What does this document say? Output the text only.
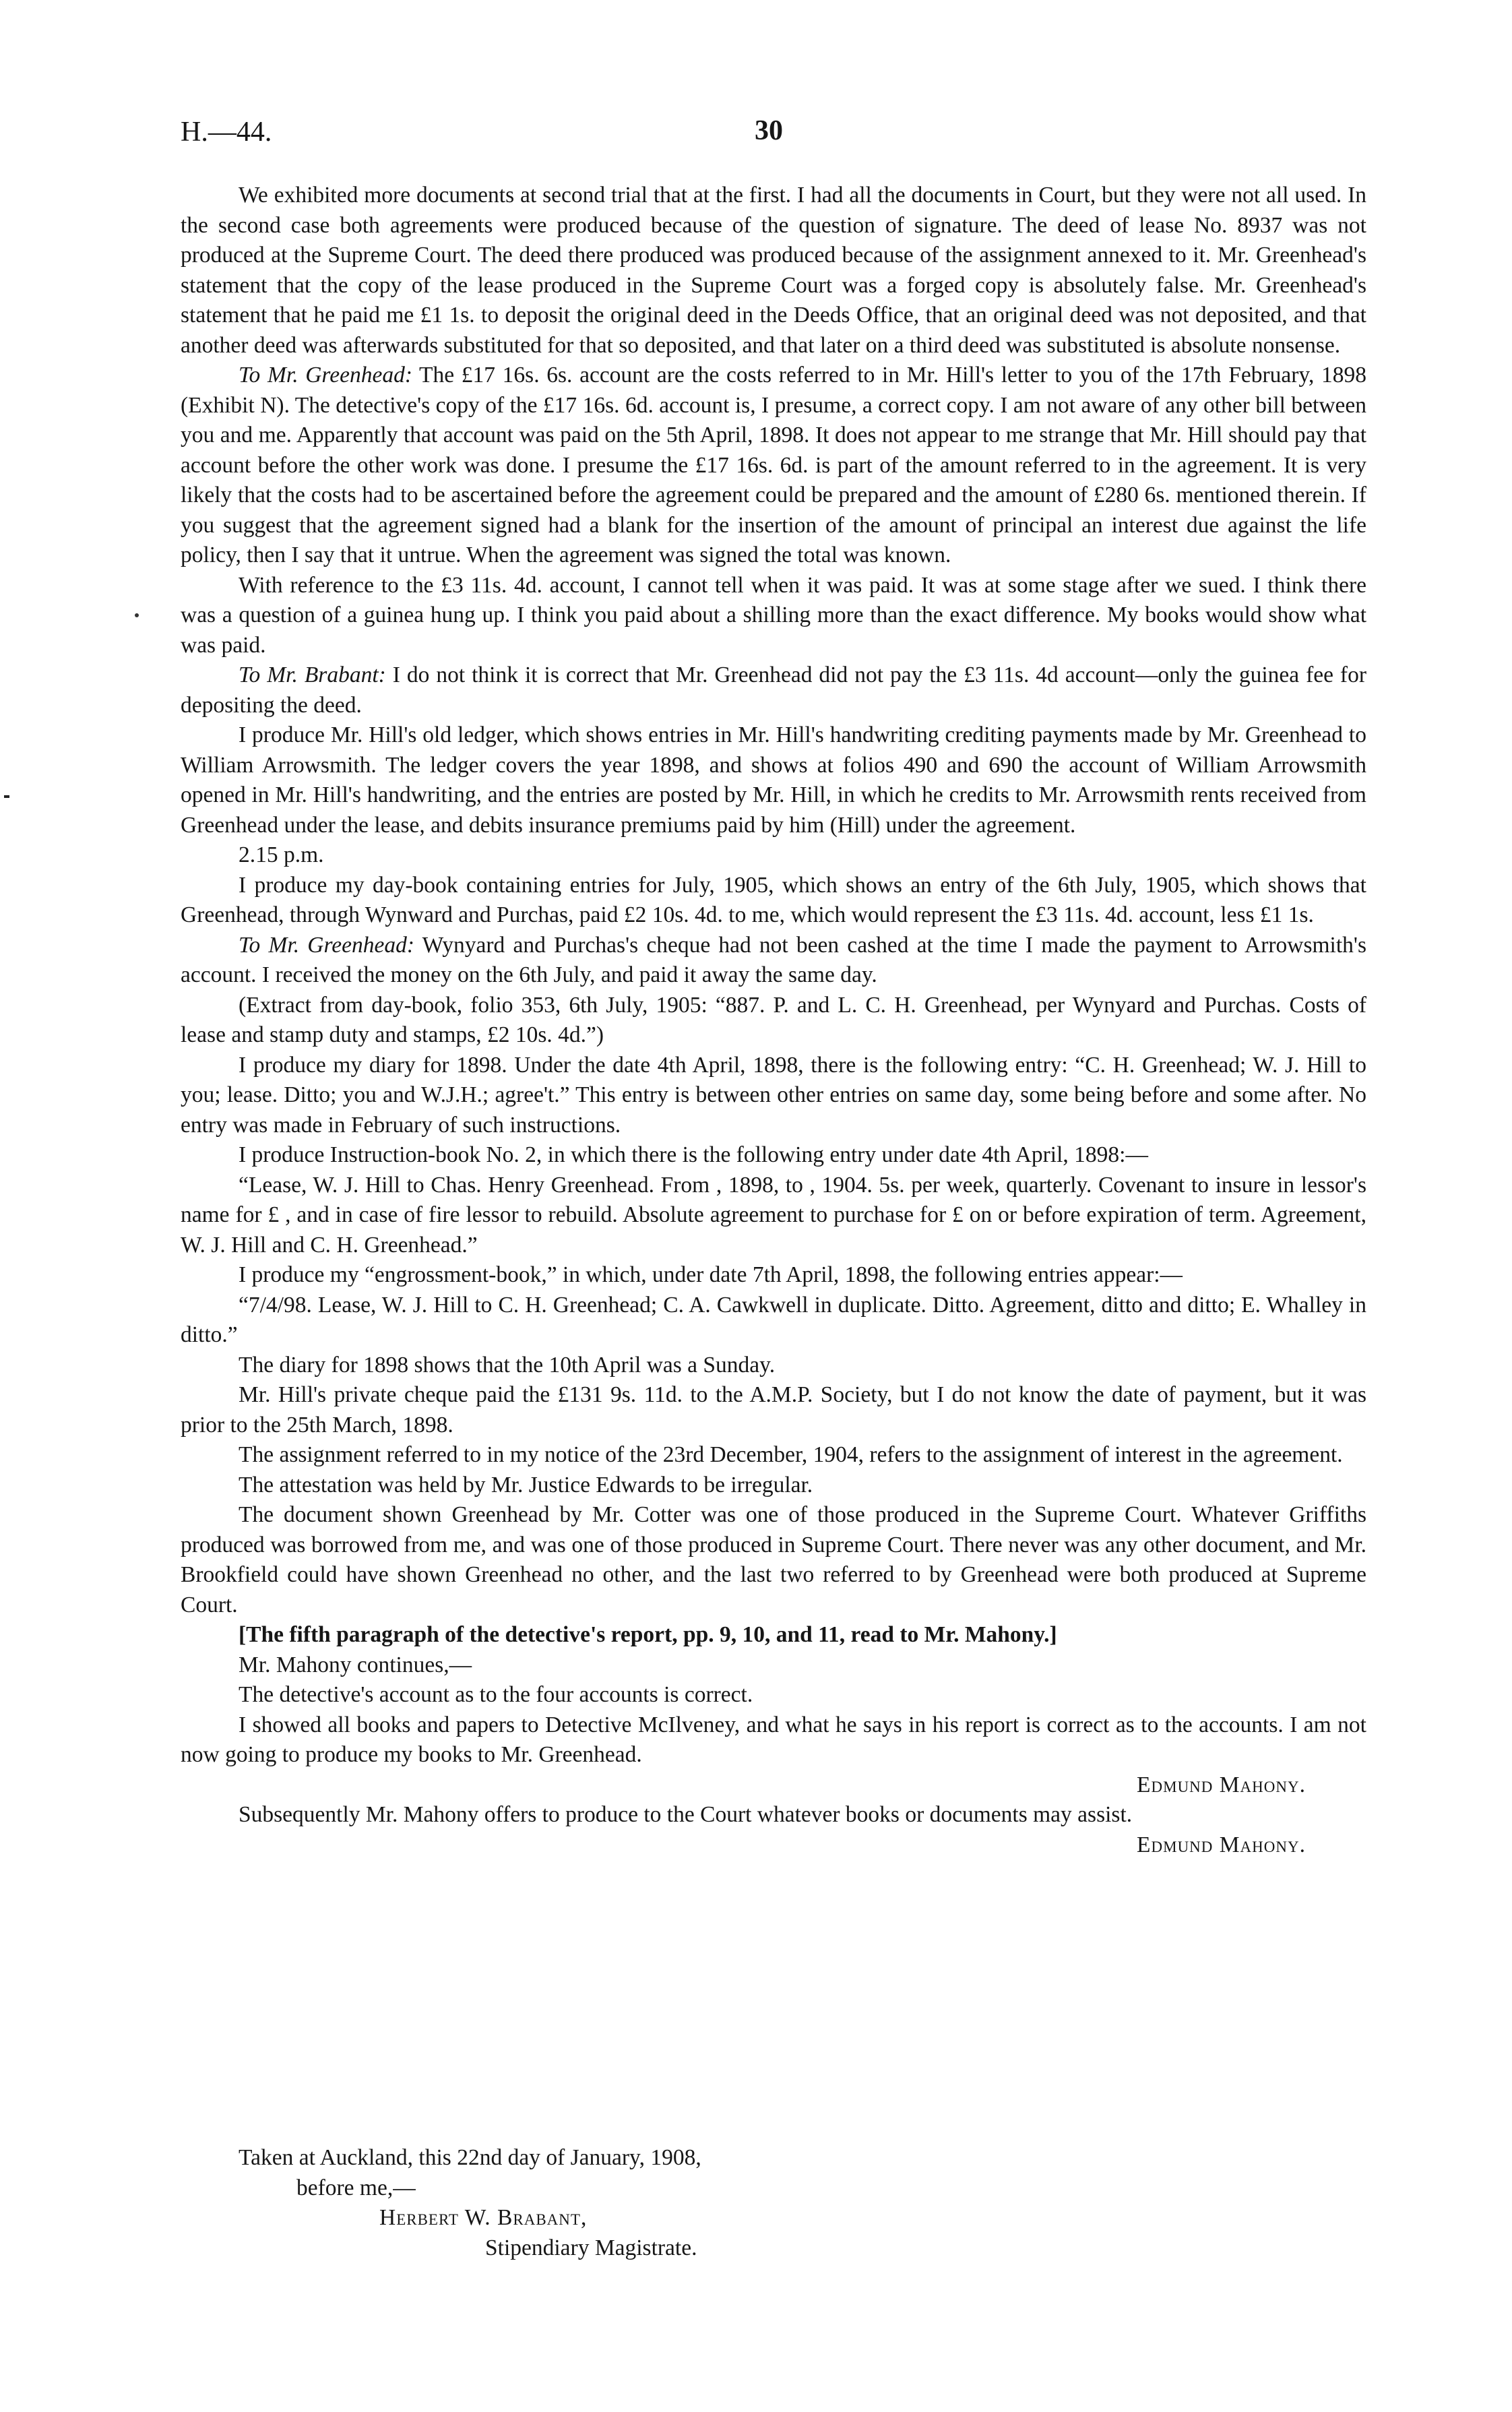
H.—44.	30

We exhibited more documents at second trial that at the first. I had all the documents in Court, but they were not all used. In the second case both agreements were produced because of the question of signature. The deed of lease No. 8937 was not produced at the Supreme Court. The deed there produced was produced because of the assignment annexed to it. Mr. Greenhead's statement that the copy of the lease produced in the Supreme Court was a forged copy is absolutely false. Mr. Greenhead's statement that he paid me £1 1s. to deposit the original deed in the Deeds Office, that an original deed was not deposited, and that another deed was afterwards substituted for that so deposited, and that later on a third deed was substituted is absolute nonsense.

To Mr. Greenhead: The £17 16s. 6s. account are the costs referred to in Mr. Hill's letter to you of the 17th February, 1898 (Exhibit N). The detective's copy of the £17 16s. 6d. account is, I presume, a correct copy. I am not aware of any other bill between you and me. Apparently that account was paid on the 5th April, 1898. It does not appear to me strange that Mr. Hill should pay that account before the other work was done. I presume the £17 16s. 6d. is part of the amount referred to in the agreement. It is very likely that the costs had to be ascertained before the agreement could be prepared and the amount of £280 6s. mentioned therein. If you suggest that the agreement signed had a blank for the insertion of the amount of principal an interest due against the life policy, then I say that it untrue. When the agreement was signed the total was known.

With reference to the £3 11s. 4d. account, I cannot tell when it was paid. It was at some stage after we sued. I think there was a question of a guinea hung up. I think you paid about a shilling more than the exact difference. My books would show what was paid.

To Mr. Brabant: I do not think it is correct that Mr. Greenhead did not pay the £3 11s. 4d account—only the guinea fee for depositing the deed.

I produce Mr. Hill's old ledger, which shows entries in Mr. Hill's handwriting crediting payments made by Mr. Greenhead to William Arrowsmith. The ledger covers the year 1898, and shows at folios 490 and 690 the account of William Arrowsmith opened in Mr. Hill's handwriting, and the entries are posted by Mr. Hill, in which he credits to Mr. Arrowsmith rents received from Greenhead under the lease, and debits insurance premiums paid by him (Hill) under the agreement.

2.15 p.m.

I produce my day-book containing entries for July, 1905, which shows an entry of the 6th July, 1905, which shows that Greenhead, through Wynward and Purchas, paid £2 10s. 4d. to me, which would represent the £3 11s. 4d. account, less £1 1s.

To Mr. Greenhead: Wynyard and Purchas's cheque had not been cashed at the time I made the payment to Arrowsmith's account. I received the money on the 6th July, and paid it away the same day.

(Extract from day-book, folio 353, 6th July, 1905: “887. P. and L. C. H. Greenhead, per Wynyard and Purchas. Costs of lease and stamp duty and stamps, £2 10s. 4d.”)

I produce my diary for 1898. Under the date 4th April, 1898, there is the following entry: “C. H. Greenhead; W. J. Hill to you; lease. Ditto; you and W.J.H.; agree't.” This entry is between other entries on same day, some being before and some after. No entry was made in February of such instructions.

I produce Instruction-book No. 2, in which there is the following entry under date 4th April, 1898:—

“Lease, W. J. Hill to Chas. Henry Greenhead. From , 1898, to , 1904. 5s. per week, quarterly. Covenant to insure in lessor's name for £ , and in case of fire lessor to rebuild. Absolute agreement to purchase for £ on or before expiration of term. Agreement, W. J. Hill and C. H. Greenhead.”

I produce my “engrossment-book,” in which, under date 7th April, 1898, the following entries appear:—

“7/4/98. Lease, W. J. Hill to C. H. Greenhead; C. A. Cawkwell in duplicate. Ditto. Agreement, ditto and ditto; E. Whalley in ditto.”

The diary for 1898 shows that the 10th April was a Sunday.

Mr. Hill's private cheque paid the £131 9s. 11d. to the A.M.P. Society, but I do not know the date of payment, but it was prior to the 25th March, 1898.

The assignment referred to in my notice of the 23rd December, 1904, refers to the assignment of interest in the agreement.

The attestation was held by Mr. Justice Edwards to be irregular.

The document shown Greenhead by Mr. Cotter was one of those produced in the Supreme Court. Whatever Griffiths produced was borrowed from me, and was one of those produced in Supreme Court. There never was any other document, and Mr. Brookfield could have shown Greenhead no other, and the last two referred to by Greenhead were both produced at Supreme Court.

[The fifth paragraph of the detective's report, pp. 9, 10, and 11, read to Mr. Mahony.]

Mr. Mahony continues,—

The detective's account as to the four accounts is correct.

I showed all books and papers to Detective McIlveney, and what he says in his report is correct as to the accounts. I am not now going to produce my books to Mr. Greenhead.

Edmund Mahony.

Subsequently Mr. Mahony offers to produce to the Court whatever books or documents may assist.
Edmund Mahony.

Taken at Auckland, this 22nd day of January, 1908,
before me,—
Herbert W. Brabant,
Stipendiary Magistrate.
